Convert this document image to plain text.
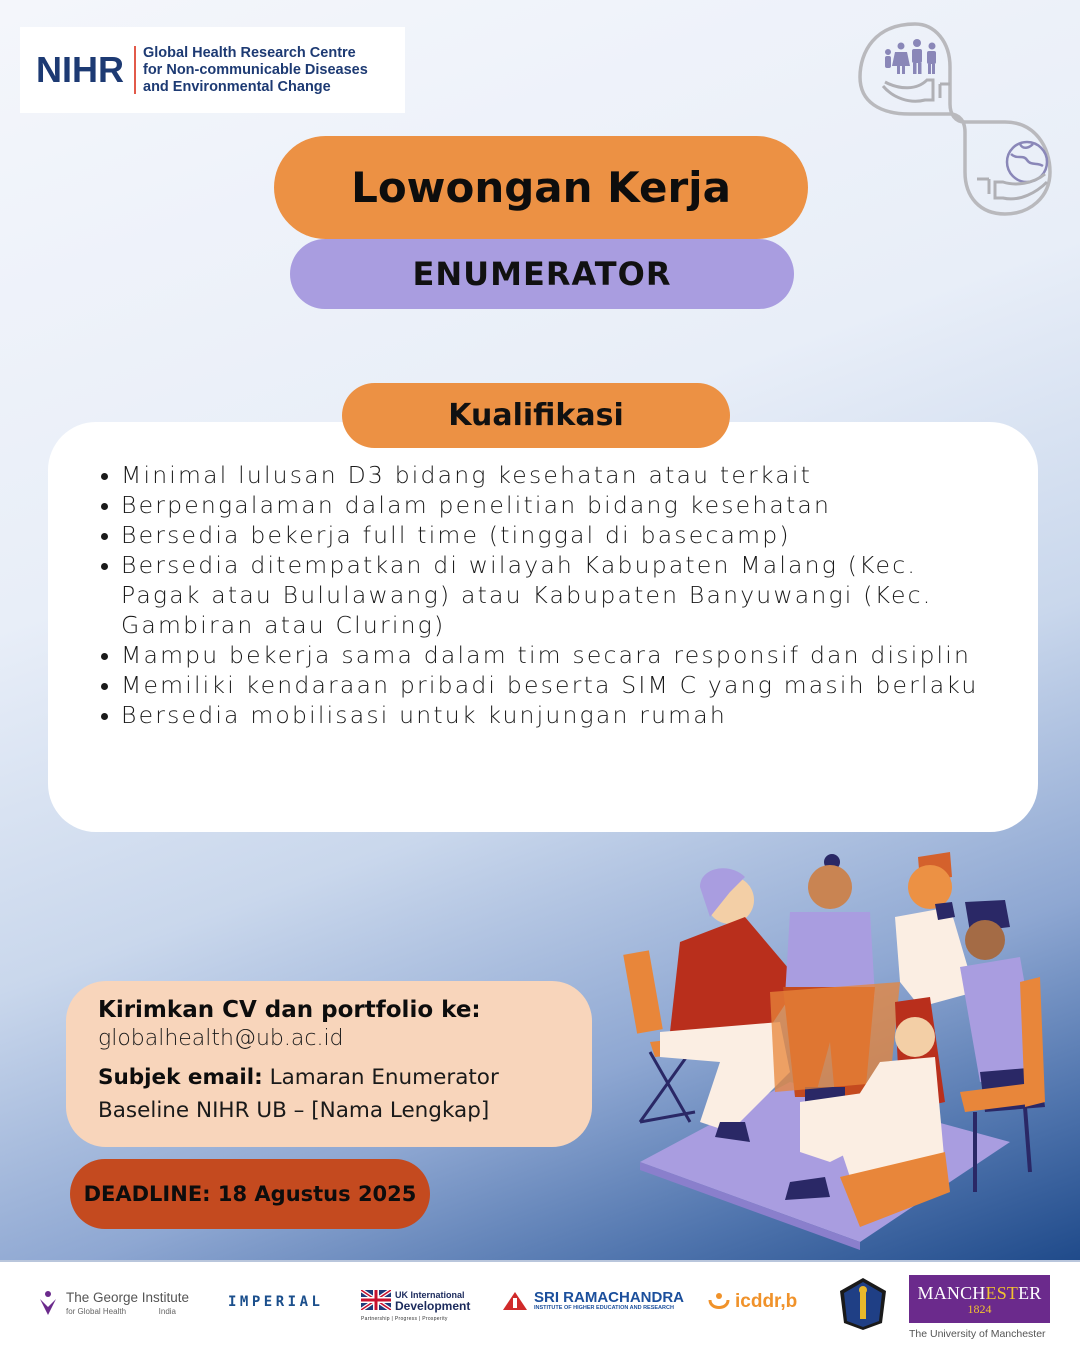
NIHR Global Health Research Centre
for Non-communicable Diseases
and Environmental Change
Lowongan Kerja
ENUMERATOR
Kualifikasi
Minimal lulusan D3 bidang kesehatan atau terkait
Berpengalaman dalam penelitian bidang kesehatan
Bersedia bekerja full time (tinggal di basecamp)
Bersedia ditempatkan di wilayah Kabupaten Malang (Kec. Pagak atau Bululawang) atau Kabupaten Banyuwangi (Kec. Gambiran atau Cluring)
Mampu bekerja sama dalam tim secara responsif dan disiplin
Memiliki kendaraan pribadi beserta SIM C yang masih berlaku
Bersedia mobilisasi untuk kunjungan rumah
Kirimkan CV dan portfolio ke:
globalhealth@ub.ac.id
Subjek email: Lamaran Enumerator Baseline NIHR UB – [Nama Lengkap]
DEADLINE: 18 Agustus 2025
The George Institute
for Global Health	India
IMPERIAL	UK International
Development
Partnership | Progress | Prosperity
SRI RAMACHANDRA
INSTITUTE OF HIGHER EDUCATION AND RESEARCH	icddr,b	MANCHESTER
1824
The University of Manchester
